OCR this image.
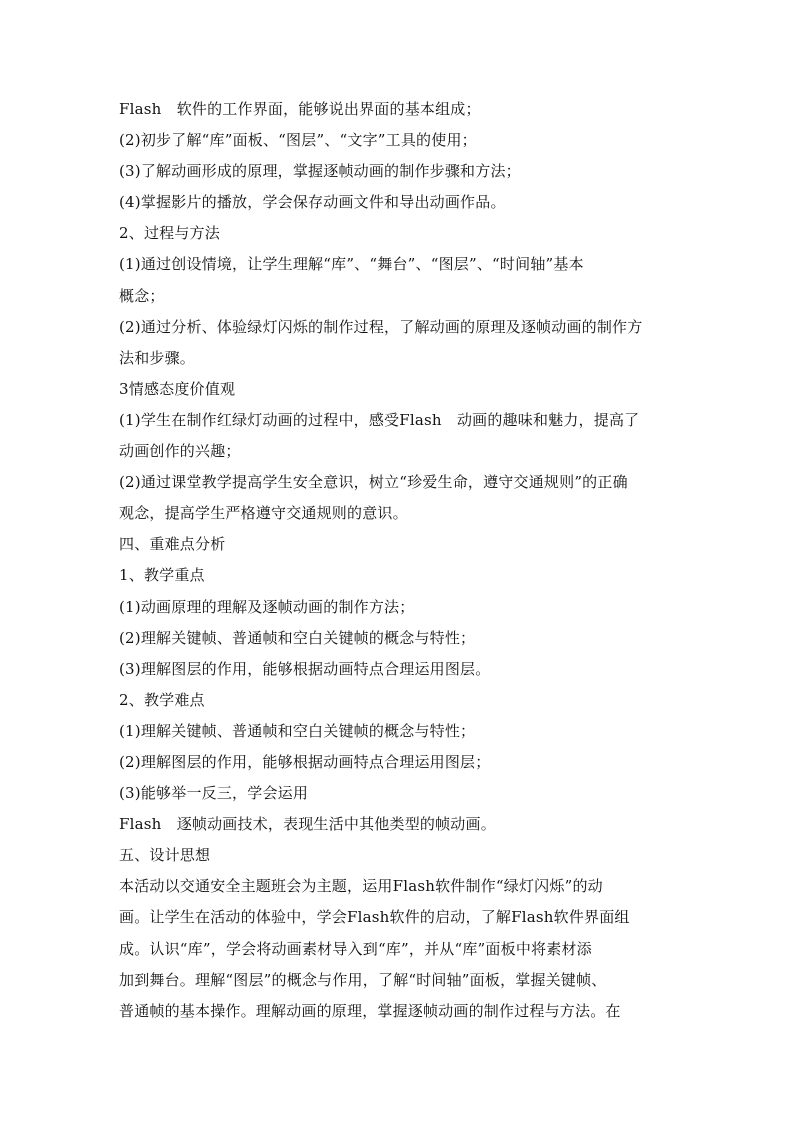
Flash　软件的工作界面，能够说出界面的基本组成；
(2)初步了解“库”面板、“图层”、“文字”工具的使用；
(3)了解动画形成的原理，掌握逐帧动画的制作步骤和方法；
(4)掌握影片的播放，学会保存动画文件和导出动画作品。
2、过程与方法
(1)通过创设情境，让学生理解“库”、“舞台”、“图层”、“时间轴”基本
概念；
(2)通过分析、体验绿灯闪烁的制作过程，了解动画的原理及逐帧动画的制作方
法和步骤。
3情感态度价值观
(1)学生在制作红绿灯动画的过程中，感受Flash　动画的趣味和魅力，提高了
动画创作的兴趣；
(2)通过课堂教学提高学生安全意识，树立“珍爱生命，遵守交通规则”的正确
观念，提高学生严格遵守交通规则的意识。
四、重难点分析
1、教学重点
(1)动画原理的理解及逐帧动画的制作方法；
(2)理解关键帧、普通帧和空白关键帧的概念与特性；
(3)理解图层的作用，能够根据动画特点合理运用图层。
2、教学难点
(1)理解关键帧、普通帧和空白关键帧的概念与特性；
(2)理解图层的作用，能够根据动画特点合理运用图层；
(3)能够举一反三，学会运用
Flash　逐帧动画技术，表现生活中其他类型的帧动画。
五、设计思想
本活动以交通安全主题班会为主题，运用Flash软件制作“绿灯闪烁”的动
画。让学生在活动的体验中，学会Flash软件的启动，了解Flash软件界面组
成。认识“库”，学会将动画素材导入到“库”，并从“库”面板中将素材添
加到舞台。理解“图层”的概念与作用，了解“时间轴”面板，掌握关键帧、
普通帧的基本操作。理解动画的原理，掌握逐帧动画的制作过程与方法。在
